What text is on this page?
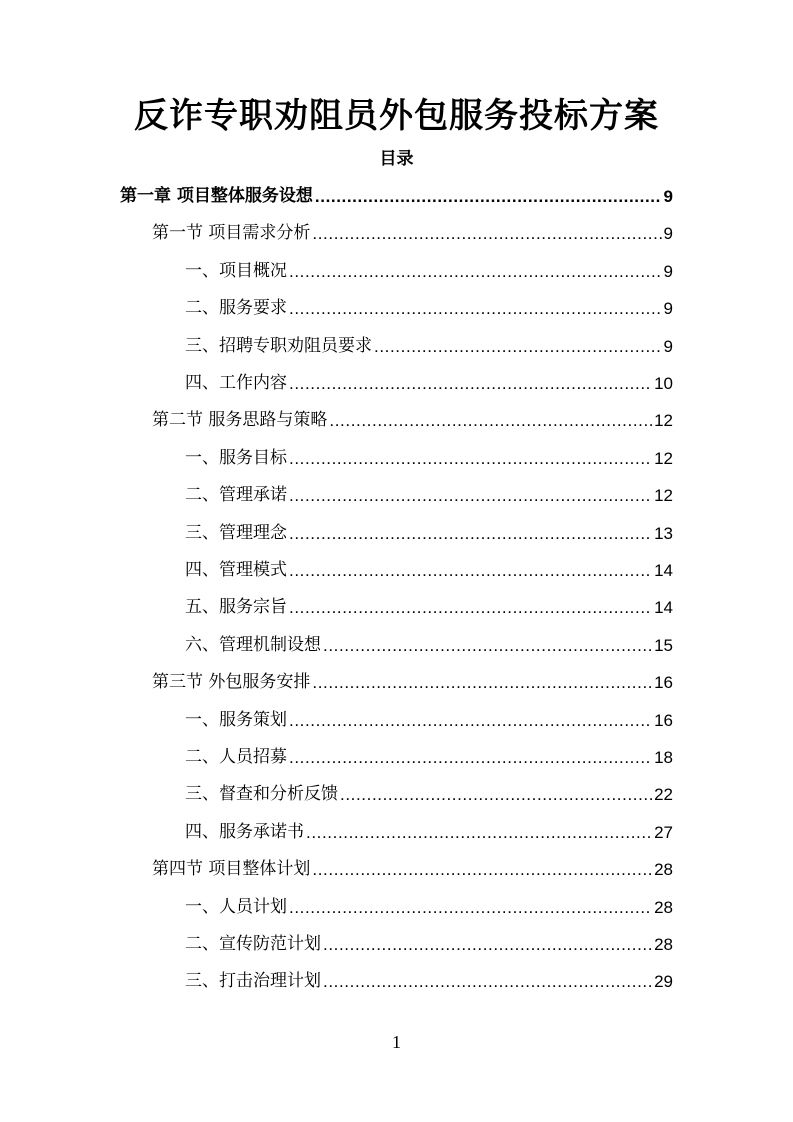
反诈专职劝阻员外包服务投标方案
目录
第一章 项目整体服务设想 .....	9
第一节 项目需求分析 .....	9
一、项目概况 .....	9
二、服务要求 .....	9
三、招聘专职劝阻员要求 .....	9
四、工作内容 .....	10
第二节 服务思路与策略 .....	12
一、服务目标 .....	12
二、管理承诺 .....	12
三、管理理念 .....	13
四、管理模式 .....	14
五、服务宗旨 .....	14
六、管理机制设想 .....	15
第三节 外包服务安排 .....	16
一、服务策划 .....	16
二、人员招募 .....	18
三、督查和分析反馈 .....	22
四、服务承诺书 .....	27
第四节 项目整体计划 .....	28
一、人员计划 .....	28
二、宣传防范计划 .....	28
三、打击治理计划 .....	29
1
